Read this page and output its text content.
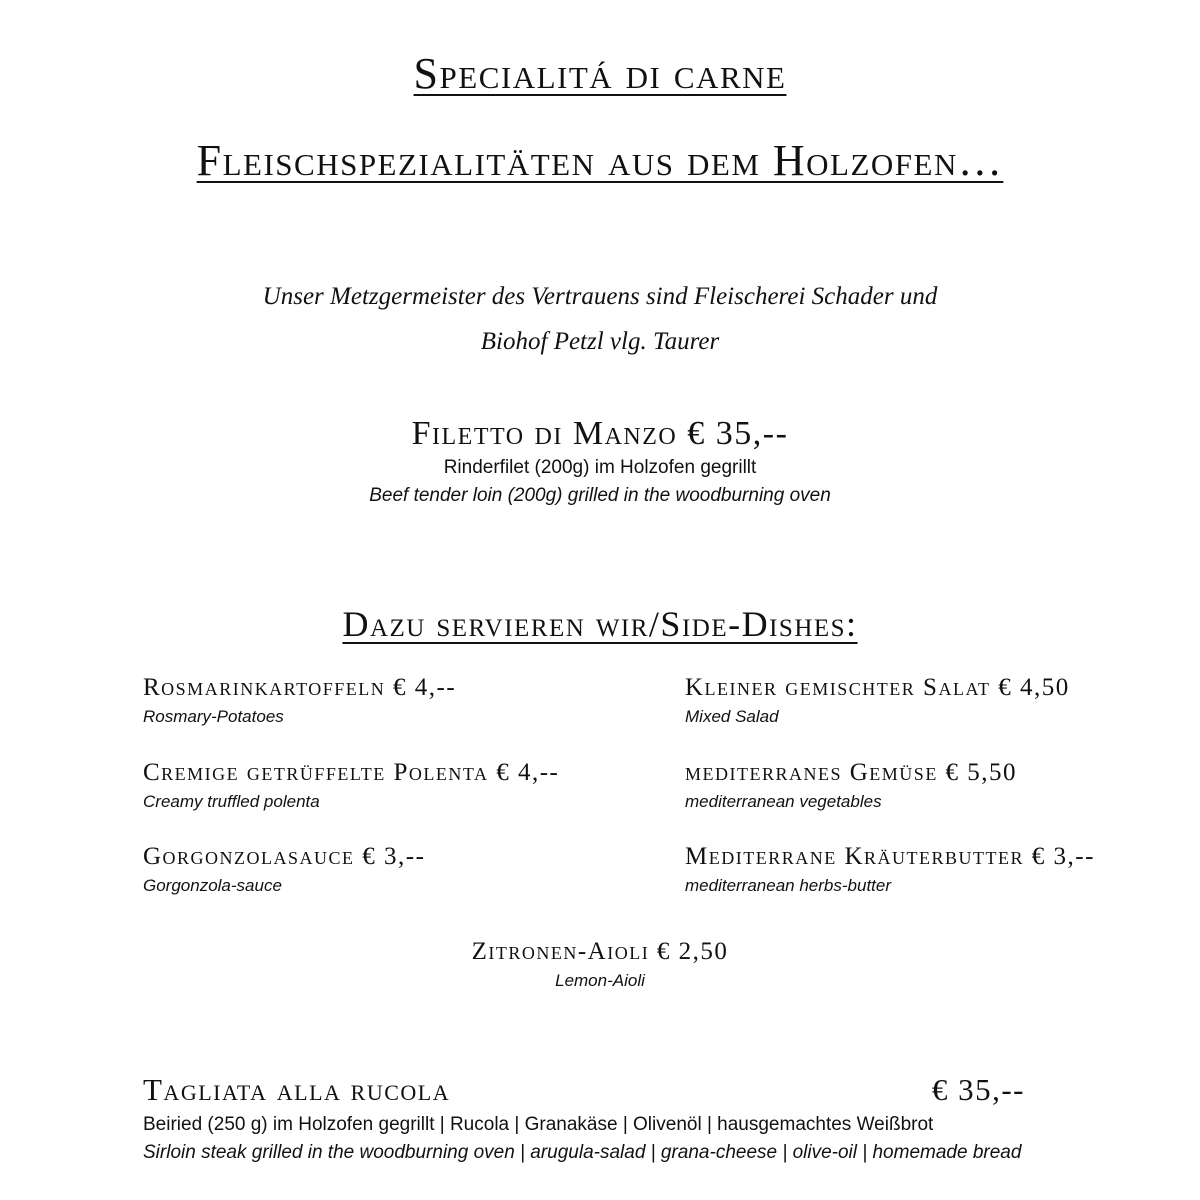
Specialitá di carne
Fleischspezialitäten aus dem Holzofen…
Unser Metzgermeister des Vertrauens sind Fleischerei Schader und
Biohof Petzl vlg. Taurer
Filetto di Manzo € 35,--
Rinderfilet (200g) im Holzofen gegrillt
Beef tender loin (200g) grilled in the woodburning oven
Dazu servieren wir/Side-Dishes:
Rosmarinkartoffeln € 4,--
Rosmary-Potatoes
Cremige getrüffelte Polenta € 4,--
Creamy truffled polenta
Gorgonzolasauce € 3,--
Gorgonzola-sauce
Kleiner gemischter Salat € 4,50
Mixed Salad
mediterranes Gemüse € 5,50
mediterranean vegetables
Mediterrane Kräuterbutter € 3,--
mediterranean herbs-butter
Zitronen-Aioli € 2,50
Lemon-Aioli
Tagliata alla rucola	€ 35,--
Beiried (250 g) im Holzofen gegrillt | Rucola | Granakäse | Olivenöl | hausgemachtes Weißbrot
Sirloin steak grilled in the woodburning oven | arugula-salad | grana-cheese | olive-oil | homemade bread
